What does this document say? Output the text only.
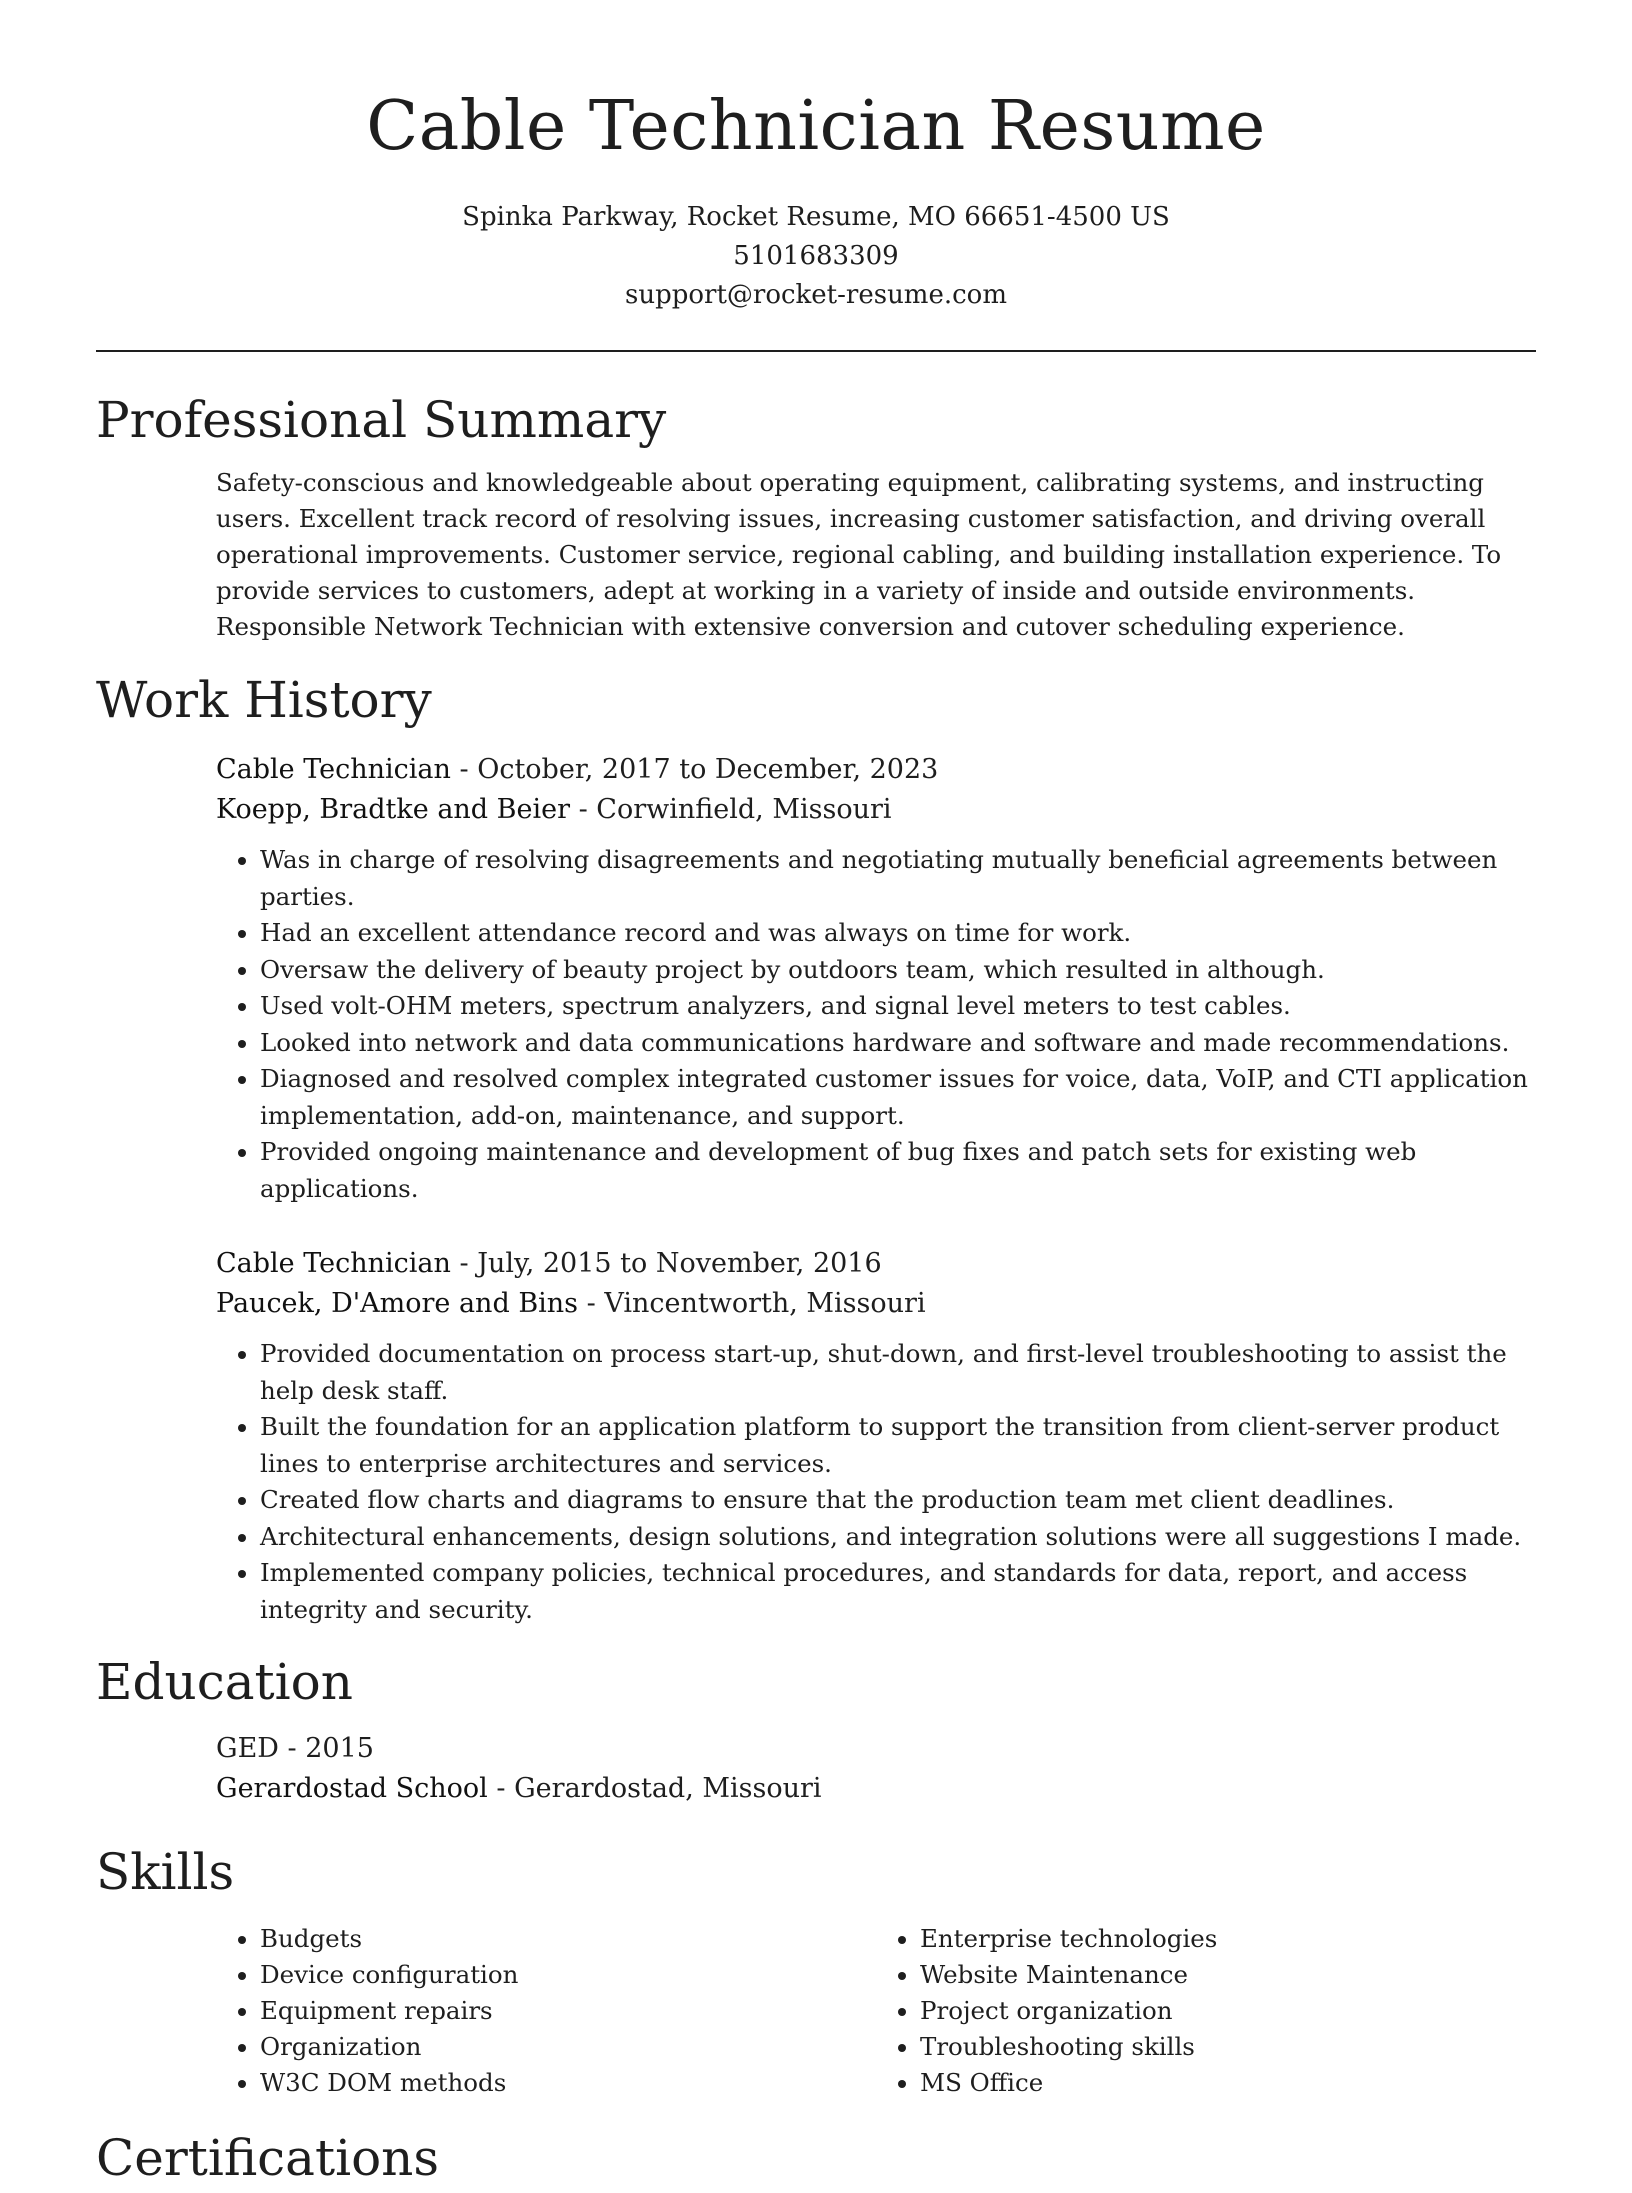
Cable Technician Resume
Spinka Parkway, Rocket Resume, MO 66651-4500 US
5101683309
support@rocket-resume.com
Professional Summary
Safety-conscious and knowledgeable about operating equipment, calibrating systems, and instructing users. Excellent track record of resolving issues, increasing customer satisfaction, and driving overall operational improvements. Customer service, regional cabling, and building installation experience. To provide services to customers, adept at working in a variety of inside and outside environments. Responsible Network Technician with extensive conversion and cutover scheduling experience.
Work History
Cable Technician - October, 2017 to December, 2023
Koepp, Bradtke and Beier - Corwinfield, Missouri
• Was in charge of resolving disagreements and negotiating mutually beneficial agreements between parties.
• Had an excellent attendance record and was always on time for work.
• Oversaw the delivery of beauty project by outdoors team, which resulted in although.
• Used volt-OHM meters, spectrum analyzers, and signal level meters to test cables.
• Looked into network and data communications hardware and software and made recommendations.
• Diagnosed and resolved complex integrated customer issues for voice, data, VoIP, and CTI application implementation, add-on, maintenance, and support.
• Provided ongoing maintenance and development of bug fixes and patch sets for existing web applications.
Cable Technician - July, 2015 to November, 2016
Paucek, D'Amore and Bins - Vincentworth, Missouri
• Provided documentation on process start-up, shut-down, and first-level troubleshooting to assist the help desk staff.
• Built the foundation for an application platform to support the transition from client-server product lines to enterprise architectures and services.
• Created flow charts and diagrams to ensure that the production team met client deadlines.
• Architectural enhancements, design solutions, and integration solutions were all suggestions I made.
• Implemented company policies, technical procedures, and standards for data, report, and access integrity and security.
Education
GED - 2015
Gerardostad School - Gerardostad, Missouri
Skills
• Budgets
• Device configuration
• Equipment repairs
• Organization
• W3C DOM methods
• Enterprise technologies
• Website Maintenance
• Project organization
• Troubleshooting skills
• MS Office
Certifications
